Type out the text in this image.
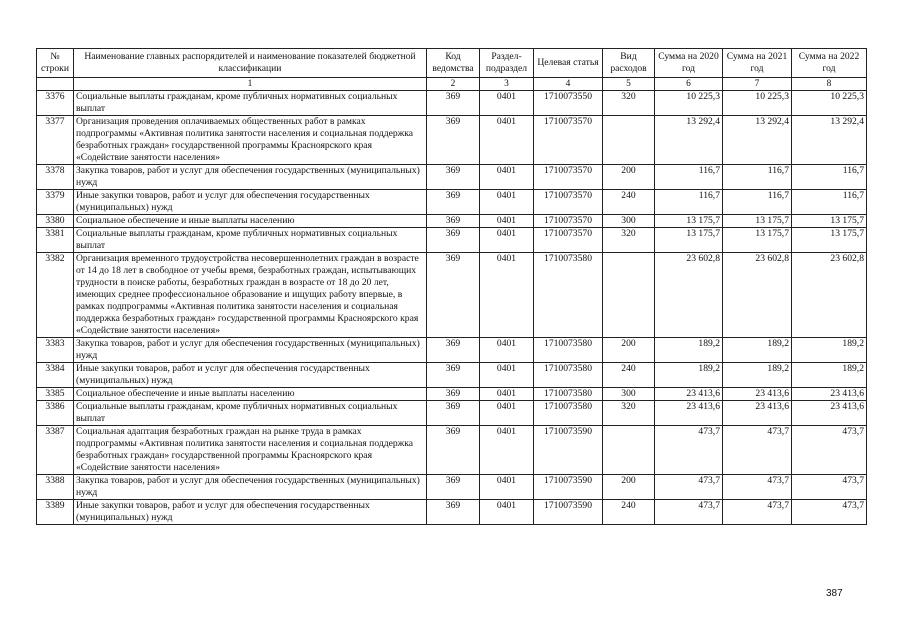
№ строки	Наименование главных распорядителей и наименование показателей бюджетной классификации	Код ведомства	Раздел-подраздел	Целевая статья	Вид расходов	Сумма на 2020 год	Сумма на 2021 год	Сумма на 2022 год
	1	2	3	4	5	6	7	8
3376	Социальные выплаты гражданам, кроме публичных нормативных социальных выплат	369	0401	1710073550	320	10 225,3	10 225,3	10 225,3
3377	Организация проведения оплачиваемых общественных работ в рамках подпрограммы «Активная политика занятости населения и социальная поддержка безработных граждан» государственной программы Красноярского края «Содействие занятости населения»	369	0401	1710073570		13 292,4	13 292,4	13 292,4
3378	Закупка товаров, работ и услуг для обеспечения государственных (муниципальных) нужд	369	0401	1710073570	200	116,7	116,7	116,7
3379	Иные закупки товаров, работ и услуг для обеспечения государственных (муниципальных) нужд	369	0401	1710073570	240	116,7	116,7	116,7
3380	Социальное обеспечение и иные выплаты населению	369	0401	1710073570	300	13 175,7	13 175,7	13 175,7
3381	Социальные выплаты гражданам, кроме публичных нормативных социальных выплат	369	0401	1710073570	320	13 175,7	13 175,7	13 175,7
3382	Организация временного трудоустройства несовершеннолетних граждан в возрасте от 14 до 18 лет в свободное от учебы время, безработных граждан, испытывающих трудности в поиске работы, безработных граждан в возрасте от 18 до 20 лет, имеющих среднее профессиональное образование и ищущих работу впервые, в рамках подпрограммы «Активная политика занятости населения и социальная поддержка безработных граждан» государственной программы Красноярского края «Содействие занятости населения»	369	0401	1710073580		23 602,8	23 602,8	23 602,8
3383	Закупка товаров, работ и услуг для обеспечения государственных (муниципальных) нужд	369	0401	1710073580	200	189,2	189,2	189,2
3384	Иные закупки товаров, работ и услуг для обеспечения государственных (муниципальных) нужд	369	0401	1710073580	240	189,2	189,2	189,2
3385	Социальное обеспечение и иные выплаты населению	369	0401	1710073580	300	23 413,6	23 413,6	23 413,6
3386	Социальные выплаты гражданам, кроме публичных нормативных социальных выплат	369	0401	1710073580	320	23 413,6	23 413,6	23 413,6
3387	Социальная адаптация безработных граждан на рынке труда в рамках подпрограммы «Активная политика занятости населения и социальная поддержка безработных граждан» государственной программы Красноярского края «Содействие занятости населения»	369	0401	1710073590		473,7	473,7	473,7
3388	Закупка товаров, работ и услуг для обеспечения государственных (муниципальных) нужд	369	0401	1710073590	200	473,7	473,7	473,7
3389	Иные закупки товаров, работ и услуг для обеспечения государственных (муниципальных) нужд	369	0401	1710073590	240	473,7	473,7	473,7
387
